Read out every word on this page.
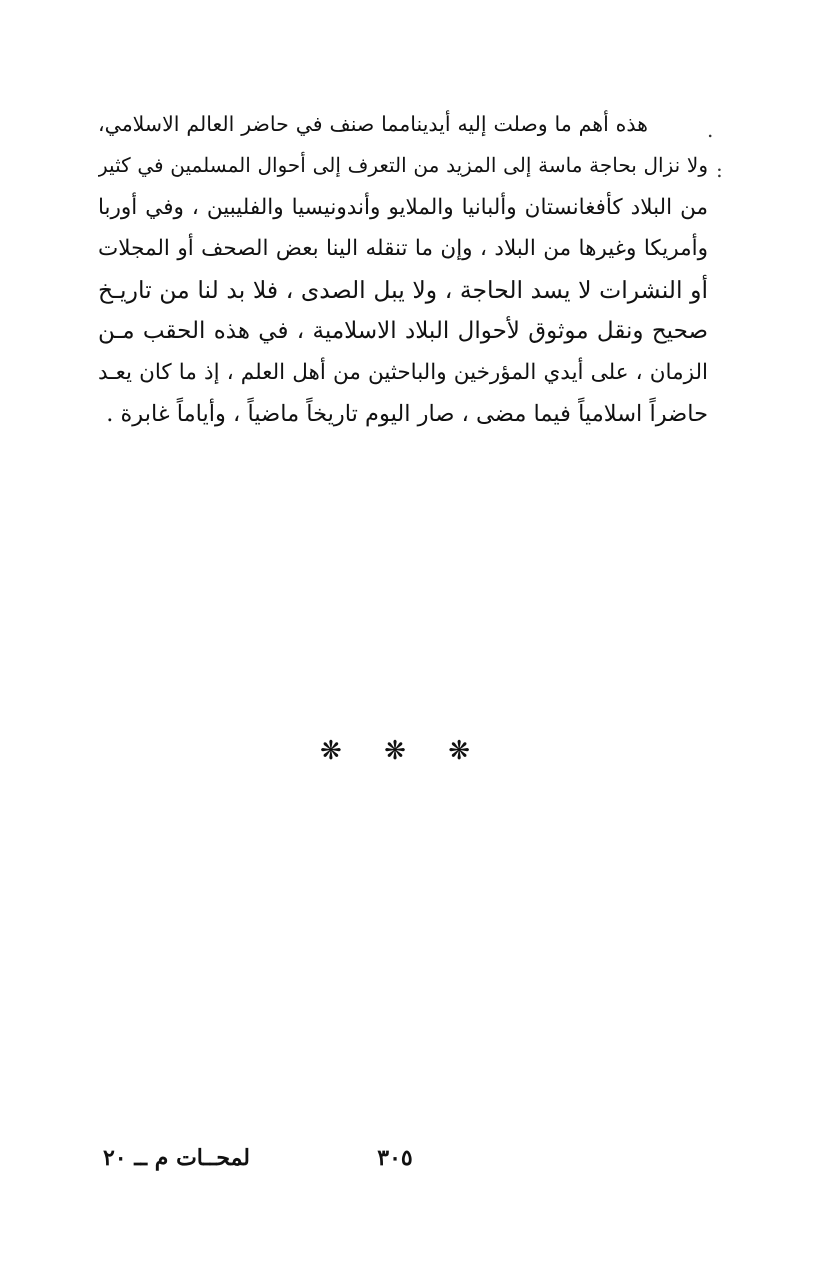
.
:
هذه أهم ما وصلت إليه أيدينامما صنف في حاضر العالم الاسلامي،
ولا نزال بحاجة ماسة إلى المزيد من التعرف إلى أحوال المسلمين في كثير
من البلاد كأفغانستان وألبانيا والملايو وأندونيسيا والفليبين ، وفي أوربا
وأمريكا وغيرها من البلاد ، وإن ما تنقله الينا بعض الصحف أو المجلات
أو النشرات لا يسد الحاجة ، ولا يبل الصدى ، فلا بد لنا من تاريـخ
صحيح ونقل موثوق لأحوال البلاد الاسلامية ، في هذه الحقب مـن
الزمان ، على أيدي المؤرخين والباحثين من أهل العلم ، إذ ما كان يعـد
حاضراً اسلامياً فيما مضى ، صار اليوم تاريخاً ماضياً ، وأياماً غابرة .
❋ ❋ ❋
٣٠٥
لمحــات م ــ ٢٠
